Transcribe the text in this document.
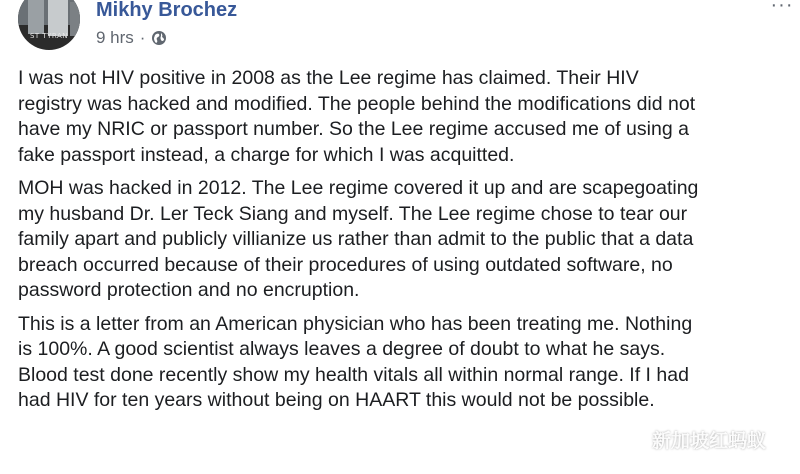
ST TYRAN
Mikhy Brochez
9 hrs ·
···

I was not HIV positive in 2008 as the Lee regime has claimed. Their HIV
registry was hacked and modified. The people behind the modifications did not
have my NRIC or passport number. So the Lee regime accused me of using a
fake passport instead, a charge for which I was acquitted.

MOH was hacked in 2012. The Lee regime covered it up and are scapegoating
my husband Dr. Ler Teck Siang and myself. The Lee regime chose to tear our
family apart and publicly villianize us rather than admit to the public that a data
breach occurred because of their procedures of using outdated software, no
password protection and no encruption.

This is a letter from an American physician who has been treating me. Nothing
is 100%. A good scientist always leaves a degree of doubt to what he says.
Blood test done recently show my health vitals all within normal range. If I had
had HIV for ten years without being on HAART this would not be possible.

新加坡红蚂蚁
